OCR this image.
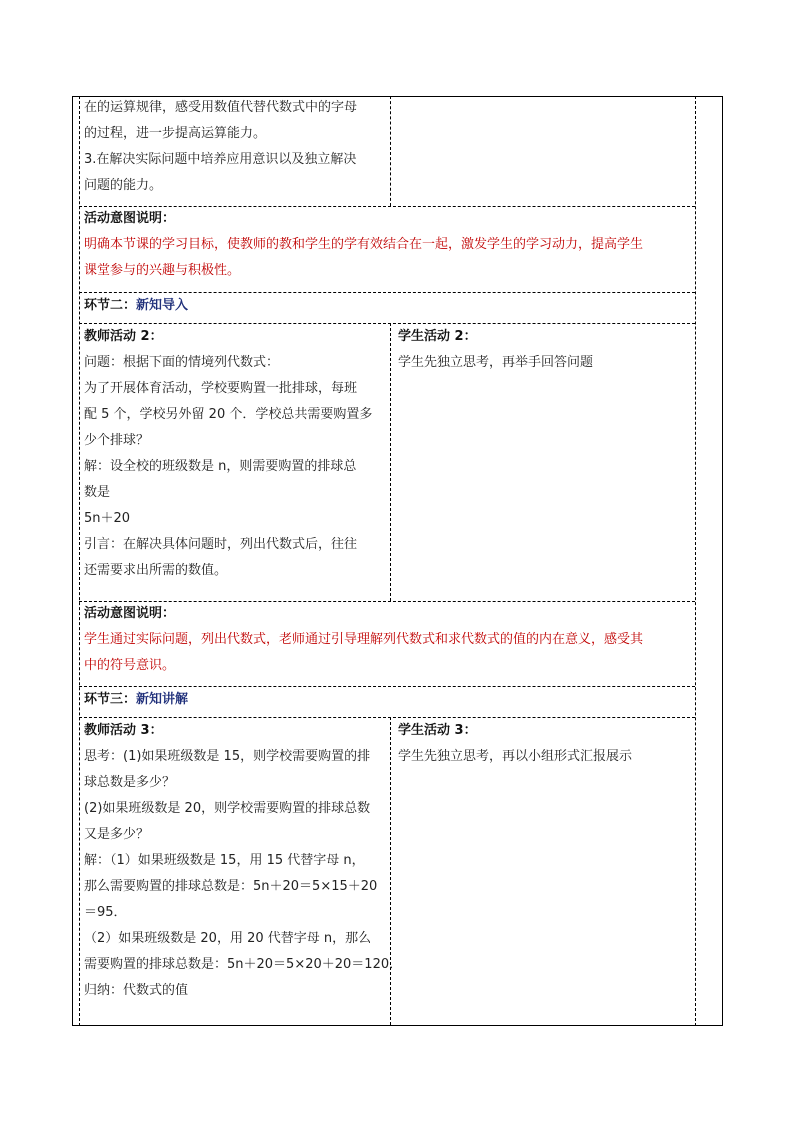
在的运算规律，感受用数值代替代数式中的字母

的过程，进一步提高运算能力。

3.在解决实际问题中培养应用意识以及独立解决

问题的能力。

活动意图说明：

明确本节课的学习目标，使教师的教和学生的学有效结合在一起，激发学生的学习动力，提高学生

课堂参与的兴趣与积极性。

环节二：新知导入

教师活动 2：

问题：根据下面的情境列代数式：

为了开展体育活动，学校要购置一批排球，每班

配 5 个，学校另外留 20 个．学校总共需要购置多

少个排球？

解：设全校的班级数是 n，则需要购置的排球总

数是

5n＋20

引言：在解决具体问题时，列出代数式后，往往

还需要求出所需的数值。

学生活动 2：

学生先独立思考，再举手回答问题

活动意图说明：

学生通过实际问题，列出代数式，老师通过引导理解列代数式和求代数式的值的内在意义，感受其

中的符号意识。

环节三：新知讲解

教师活动 3：

思考：(1)如果班级数是 15，则学校需要购置的排

球总数是多少？

(2)如果班级数是 20，则学校需要购置的排球总数

又是多少？

解：（1）如果班级数是 15，用 15 代替字母 n，

那么需要购置的排球总数是：5n＋20＝5×15＋20

＝95．

（2）如果班级数是 20，用 20 代替字母 n，那么

需要购置的排球总数是：5n＋20＝5×20＋20＝120．

归纳：代数式的值

学生活动 3：

学生先独立思考，再以小组形式汇报展示
